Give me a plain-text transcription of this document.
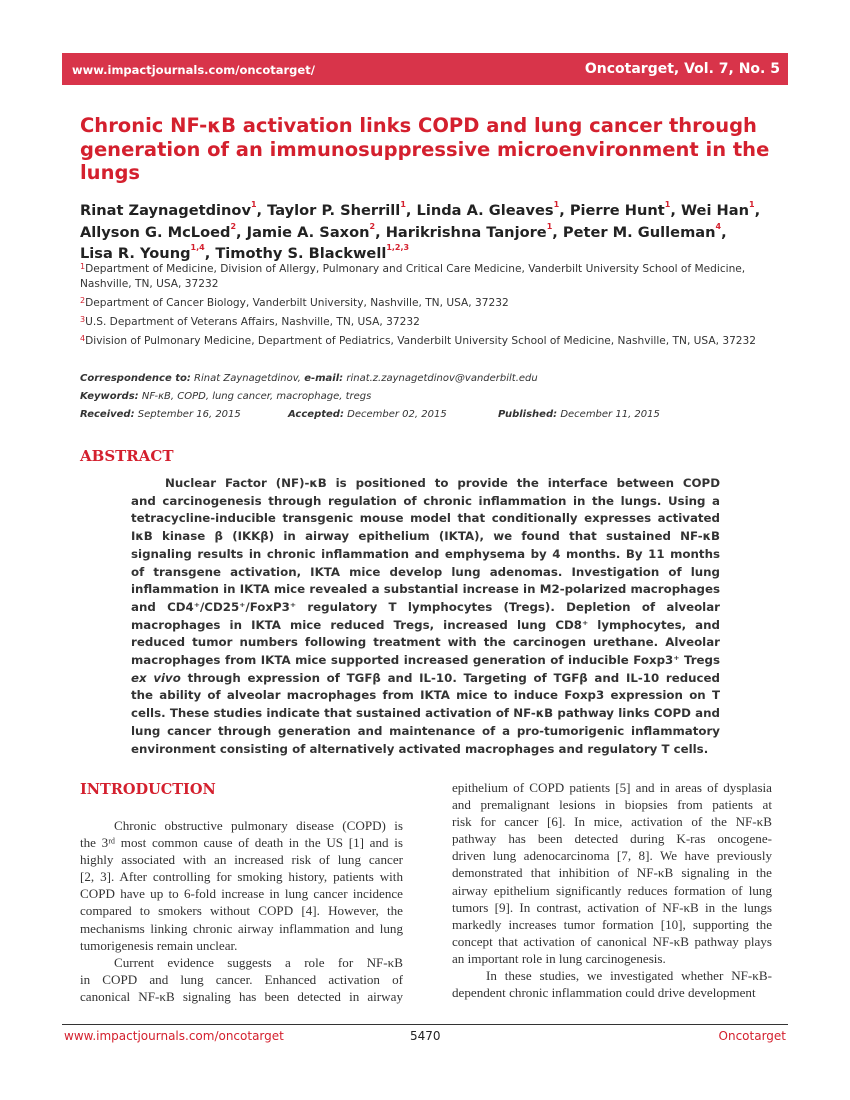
www.impactjournals.com/oncotarget/	Oncotarget, Vol. 7, No. 5
Chronic NF-κB activation links COPD and lung cancer through
generation of an immunosuppressive microenvironment in the
lungs
Rinat Zaynagetdinov$^1$, Taylor P. Sherrill$^1$, Linda A. Gleaves$^1$, Pierre Hunt$^1$, Wei Han$^1$,
Allyson G. McLoed$^2$, Jamie A. Saxon$^2$, Harikrishna Tanjore$^1$, Peter M. Gulleman$^4$,
Lisa R. Young$^{1,4}$, Timothy S. Blackwell$^{1,2,3}$
$^1$Department of Medicine, Division of Allergy, Pulmonary and Critical Care Medicine, Vanderbilt University School of Medicine, Nashville, TN, USA, 37232
$^2$Department of Cancer Biology, Vanderbilt University, Nashville, TN, USA, 37232
$^3$U.S. Department of Veterans Affairs, Nashville, TN, USA, 37232
$^4$Division of Pulmonary Medicine, Department of Pediatrics, Vanderbilt University School of Medicine, Nashville, TN, USA, 37232
Correspondence to: Rinat Zaynagetdinov, e-mail: rinat.z.zaynagetdinov@vanderbilt.edu
Keywords: NF-κB, COPD, lung cancer, macrophage, tregs
Received: September 16, 2015	Accepted: December 02, 2015	Published: December 11, 2015
ABSTRACT
Nuclear Factor (NF)-κB is positioned to provide the interface between COPD
and carcinogenesis through regulation of chronic inflammation in the lungs. Using a
tetracycline-inducible transgenic mouse model that conditionally expresses activated
IκB kinase β (IKKβ) in airway epithelium (IKTA), we found that sustained NF-κB
signaling results in chronic inflammation and emphysema by 4 months. By 11 months
of transgene activation, IKTA mice develop lung adenomas. Investigation of lung
inflammation in IKTA mice revealed a substantial increase in M2-polarized macrophages
and CD4⁺/CD25⁺/FoxP3⁺ regulatory T lymphocytes (Tregs). Depletion of alveolar
macrophages in IKTA mice reduced Tregs, increased lung CD8⁺ lymphocytes, and
reduced tumor numbers following treatment with the carcinogen urethane. Alveolar
macrophages from IKTA mice supported increased generation of inducible Foxp3⁺ Tregs
ex vivo through expression of TGFβ and IL-10. Targeting of TGFβ and IL-10 reduced
the ability of alveolar macrophages from IKTA mice to induce Foxp3 expression on T
cells. These studies indicate that sustained activation of NF-κB pathway links COPD and
lung cancer through generation and maintenance of a pro-tumorigenic inflammatory
environment consisting of alternatively activated macrophages and regulatory T cells.
INTRODUCTION
Chronic obstructive pulmonary disease (COPD) is
the 3ʳᵈ most common cause of death in the US [1] and is
highly associated with an increased risk of lung cancer
[2, 3]. After controlling for smoking history, patients with
COPD have up to 6-fold increase in lung cancer incidence
compared to smokers without COPD [4]. However, the
mechanisms linking chronic airway inflammation and lung
tumorigenesis remain unclear.
Current evidence suggests a role for NF-κB
in COPD and lung cancer. Enhanced activation of
canonical NF-κB signaling has been detected in airway
epithelium of COPD patients [5] and in areas of dysplasia
and premalignant lesions in biopsies from patients at
risk for cancer [6]. In mice, activation of the NF-κB
pathway has been detected during K-ras oncogene-
driven lung adenocarcinoma [7, 8]. We have previously
demonstrated that inhibition of NF-κB signaling in the
airway epithelium significantly reduces formation of lung
tumors [9]. In contrast, activation of NF-κB in the lungs
markedly increases tumor formation [10], supporting the
concept that activation of canonical NF-κB pathway plays
an important role in lung carcinogenesis.
In these studies, we investigated whether NF-κB-
dependent chronic inflammation could drive development
www.impactjournals.com/oncotarget	5470	Oncotarget
